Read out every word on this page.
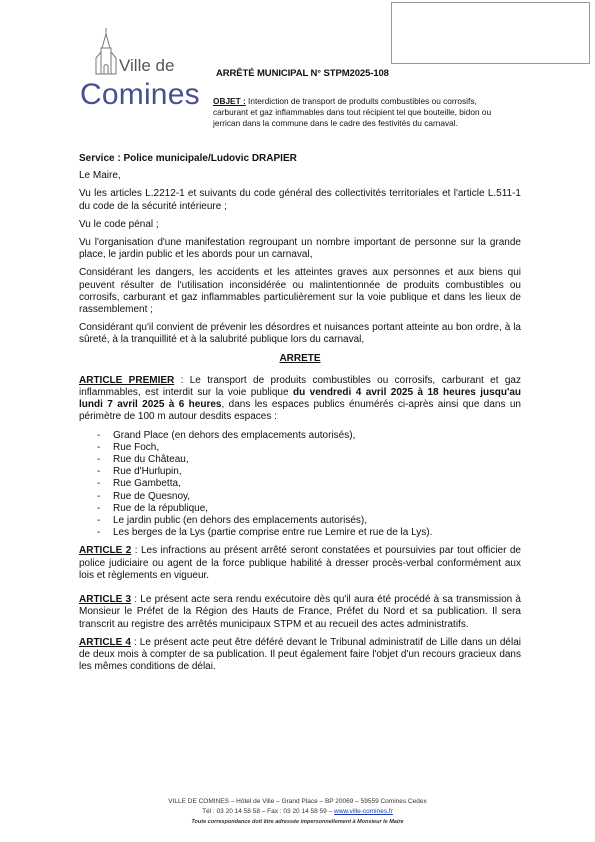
Ville de
Comines
ARRÊTÉ MUNICIPAL N° STPM2025-108
OBJET : Interdiction de transport de produits combustibles ou corrosifs, carburant et gaz inflammables dans tout récipient tel que bouteille, bidon ou jerrican dans la commune dans le cadre des festivités du carnaval.

Service : Police municipale/Ludovic DRAPIER

Le Maire,

Vu les articles L.2212-1 et suivants du code général des collectivités territoriales et l'article L.511-1 du code de la sécurité intérieure ;

Vu le code pénal ;

Vu l'organisation d'une manifestation regroupant un nombre important de personne sur la grande place, le jardin public et les abords pour un carnaval,

Considérant les dangers, les accidents et les atteintes graves aux personnes et aux biens qui peuvent résulter de l'utilisation inconsidérée ou malintentionnée de produits combustibles ou corrosifs, carburant et gaz inflammables particulièrement sur la voie publique et dans les lieux de rassemblement ;

Considérant qu'il convient de prévenir les désordres et nuisances portant atteinte au bon ordre, à la sûreté, à la tranquillité et à la salubrité publique lors du carnaval,

ARRETE

ARTICLE PREMIER : Le transport de produits combustibles ou corrosifs, carburant et gaz inflammables, est interdit sur la voie publique du vendredi 4 avril 2025 à 18 heures jusqu'au lundi 7 avril 2025 à 6 heures, dans les espaces publics énumérés ci-après ainsi que dans un périmètre de 100 m autour desdits espaces :

- Grand Place (en dehors des emplacements autorisés),
- Rue Foch,
- Rue du Château,
- Rue d'Hurlupin,
- Rue Gambetta,
- Rue de Quesnoy,
- Rue de la république,
- Le jardin public (en dehors des emplacements autorisés),
- Les berges de la Lys (partie comprise entre rue Lemire et rue de la Lys).

ARTICLE 2 : Les infractions au présent arrêté seront constatées et poursuivies par tout officier de police judiciaire ou agent de la force publique habilité à dresser procès-verbal conformément aux lois et règlements en vigueur.

ARTICLE 3 : Le présent acte sera rendu exécutoire dès qu'il aura été procédé à sa transmission à Monsieur le Préfet de la Région des Hauts de France, Préfet du Nord et sa publication. Il sera transcrit au registre des arrêtés municipaux STPM et au recueil des actes administratifs.

ARTICLE 4 : Le présent acte peut être déféré devant le Tribunal administratif de Lille dans un délai de deux mois à compter de sa publication. Il peut également faire l'objet d'un recours gracieux dans les mêmes conditions de délai.

VILLE DE COMINES – Hôtel de Ville – Grand Place – BP 20069 – 59559 Comines Cedex
Tél : 03 20 14 58 58 – Fax : 03 20 14 58 59 – www.ville-comines.fr
Toute correspondance doit être adressée impersonnellement à Monsieur le Maire
